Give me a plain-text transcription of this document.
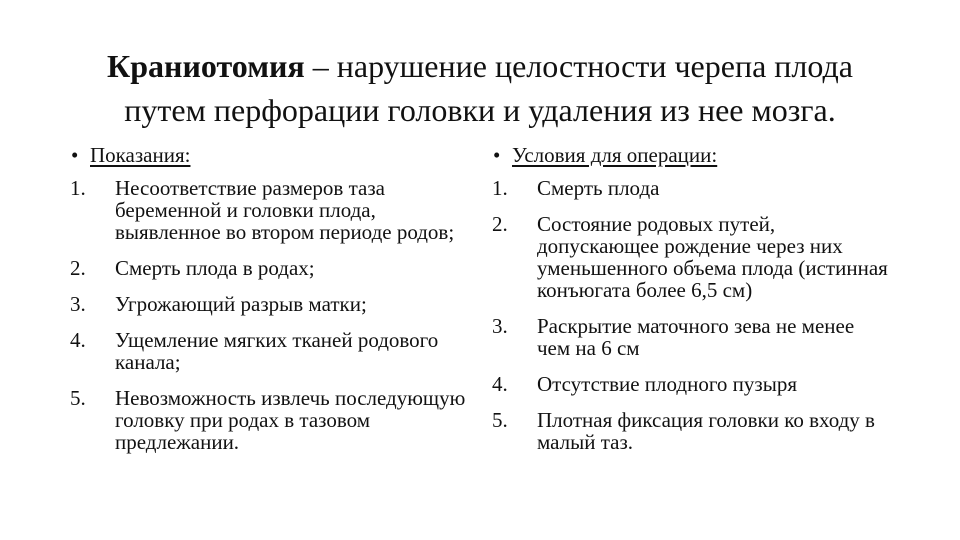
Краниотомия – нарушение целостности черепа плода
путем перфорации головки и удаления из нее мозга.
• Показания:
1. Несоответствие размеров таза беременной и головки плода, выявленное во втором периоде родов;
2. Смерть плода в родах;
3. Угрожающий разрыв матки;
4. Ущемление мягких тканей родового канала;
5. Невозможность извлечь последующую головку при родах в тазовом предлежании.
• Условия для операции:
1. Смерть плода
2. Состояние родовых путей, допускающее рождение через них уменьшенного объема плода (истинная конъюгата более 6,5 см)
3. Раскрытие маточного зева не менее чем на 6 см
4. Отсутствие плодного пузыря
5. Плотная фиксация головки ко входу в малый таз.
